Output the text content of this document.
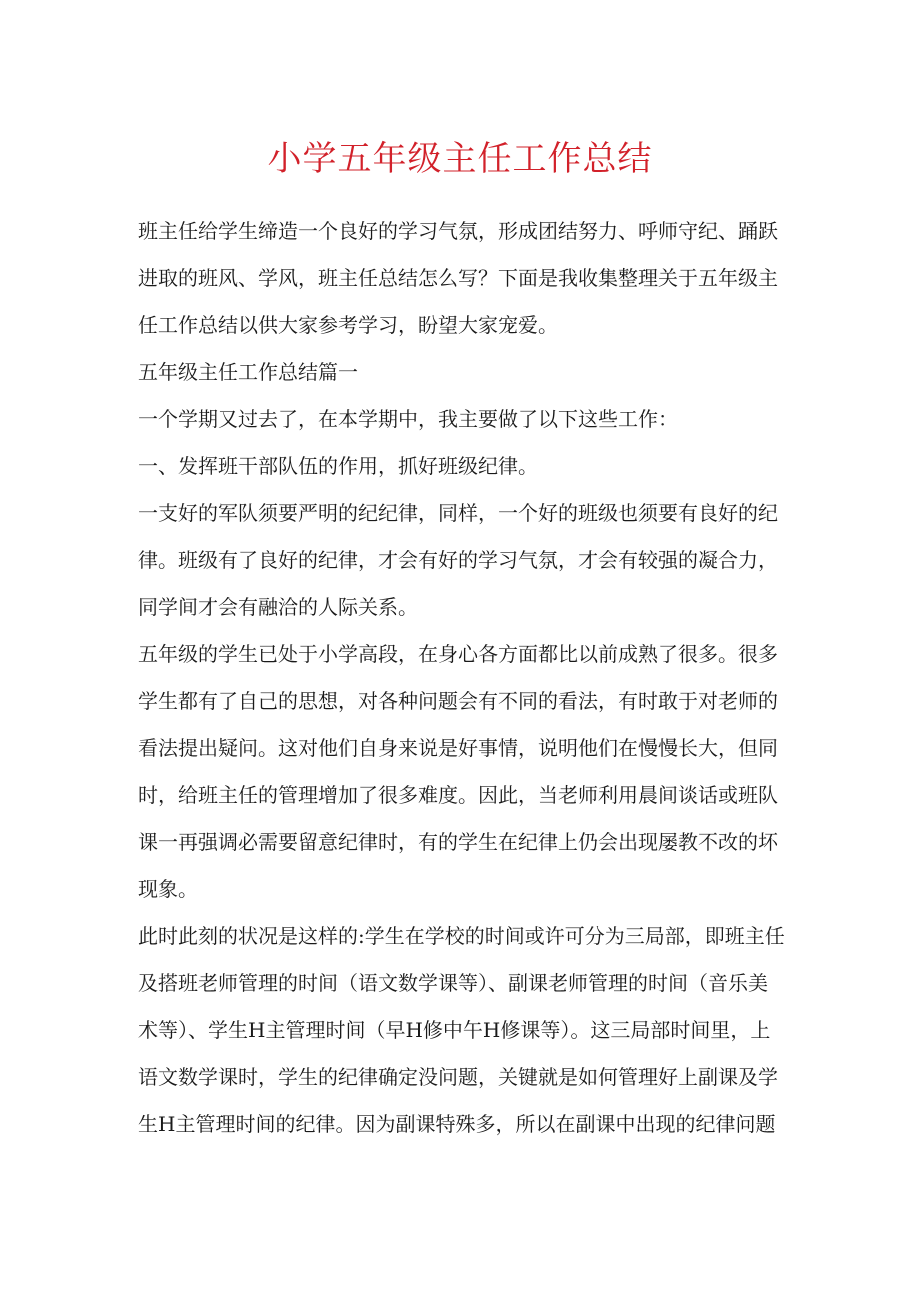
小学五年级主任工作总结

班主任给学生缔造一个良好的学习气氛，形成团结努力、呼师守纪、踊跃
进取的班风、学风，班主任总结怎么写？下面是我收集整理关于五年级主
任工作总结以供大家参考学习，盼望大家宠爱。

五年级主任工作总结篇一

一个学期又过去了，在本学期中，我主要做了以下这些工作：

一、发挥班干部队伍的作用，抓好班级纪律。

一支好的军队须要严明的纪纪律，同样，一个好的班级也须要有良好的纪
律。班级有了良好的纪律，才会有好的学习气氛，才会有较强的凝合力，
同学间才会有融洽的人际关系。

五年级的学生已处于小学高段，在身心各方面都比以前成熟了很多。很多
学生都有了自己的思想，对各种问题会有不同的看法，有时敢于对老师的
看法提出疑问。这对他们自身来说是好事情，说明他们在慢慢长大，但同
时，给班主任的管理增加了很多难度。因此，当老师利用晨间谈话或班队
课一再强调必需要留意纪律时，有的学生在纪律上仍会出现屡教不改的坏
现象。

此时此刻的状况是这样的:学生在学校的时间或许可分为三局部，即班主任
及搭班老师管理的时间（语文数学课等）、副课老师管理的时间（音乐美
术等）、学生H主管理时间（早H修中午H修课等）。这三局部时间里，上
语文数学课时，学生的纪律确定没问题，关键就是如何管理好上副课及学
生H主管理时间的纪律。因为副课特殊多，所以在副课中出现的纪律问题
